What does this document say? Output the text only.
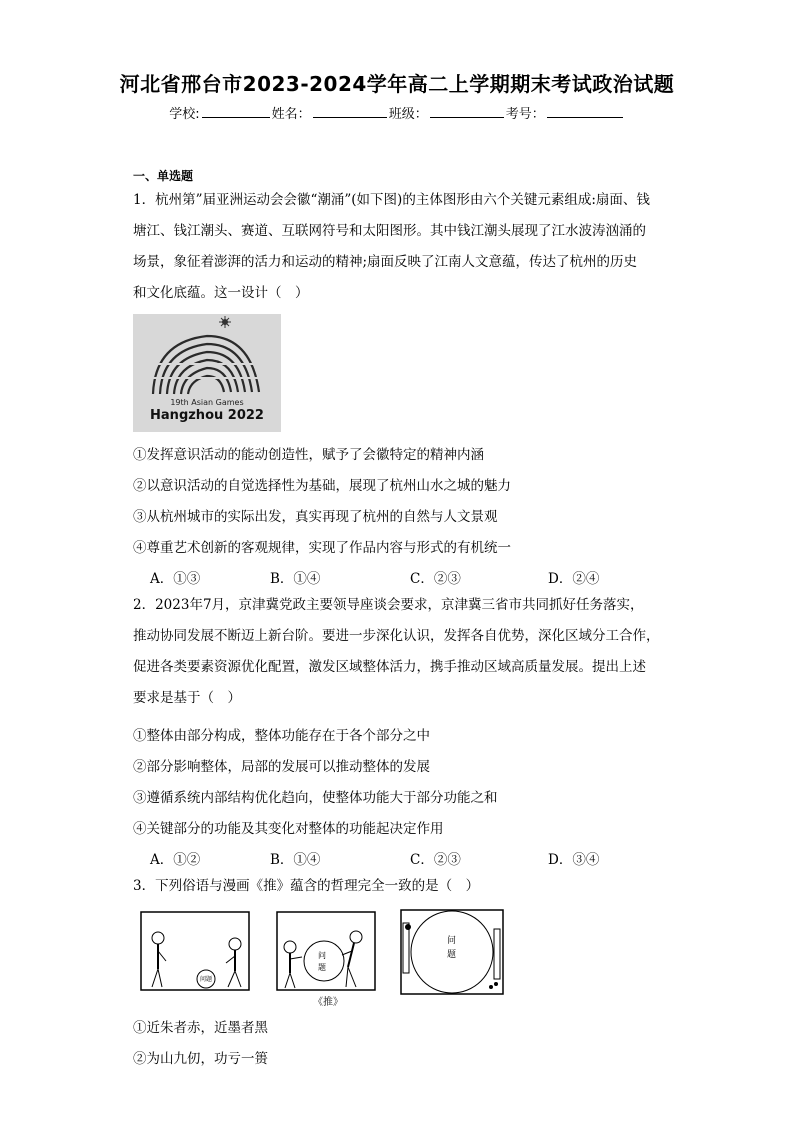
河北省邢台市2023-2024学年高二上学期期末考试政治试题
学校:	姓名：	班级：	考号：
一、单选题
1．杭州第”届亚洲运动会会徽“潮涌”(如下图)的主体图形由六个关键元素组成:扇面、钱
塘江、钱江潮头、赛道、互联网符号和太阳图形。其中钱江潮头展现了江水波涛汹涌的
场景，象征着澎湃的活力和运动的精神;扇面反映了江南人文意蕴，传达了杭州的历史
和文化底蕴。这一设计（　）
19th Asian Games
Hangzhou 2022
①发挥意识活动的能动创造性，赋予了会徽特定的精神内涵
②以意识活动的自觉选择性为基础，展现了杭州山水之城的魅力
③从杭州城市的实际出发，真实再现了杭州的自然与人文景观
④尊重艺术创新的客观规律，实现了作品内容与形式的有机统一
A．①③	B．①④	C．②③	D．②④
2．2023年7月，京津冀党政主要领导座谈会要求，京津冀三省市共同抓好任务落实，
推动协同发展不断迈上新台阶。要进一步深化认识，发挥各自优势，深化区域分工合作，
促进各类要素资源优化配置，激发区域整体活力，携手推动区域高质量发展。提出上述
要求是基于（　）
①整体由部分构成，整体功能存在于各个部分之中
②部分影响整体，局部的发展可以推动整体的发展
③遵循系统内部结构优化趋向，使整体功能大于部分功能之和
④关键部分的功能及其变化对整体的功能起决定作用
A．①②	B．①④	C．②③	D．③④
3．下列俗语与漫画《推》蕴含的哲理完全一致的是（　）
问题
问
题
问
题
《推》
①近朱者赤，近墨者黑
②为山九仞，功亏一篑
